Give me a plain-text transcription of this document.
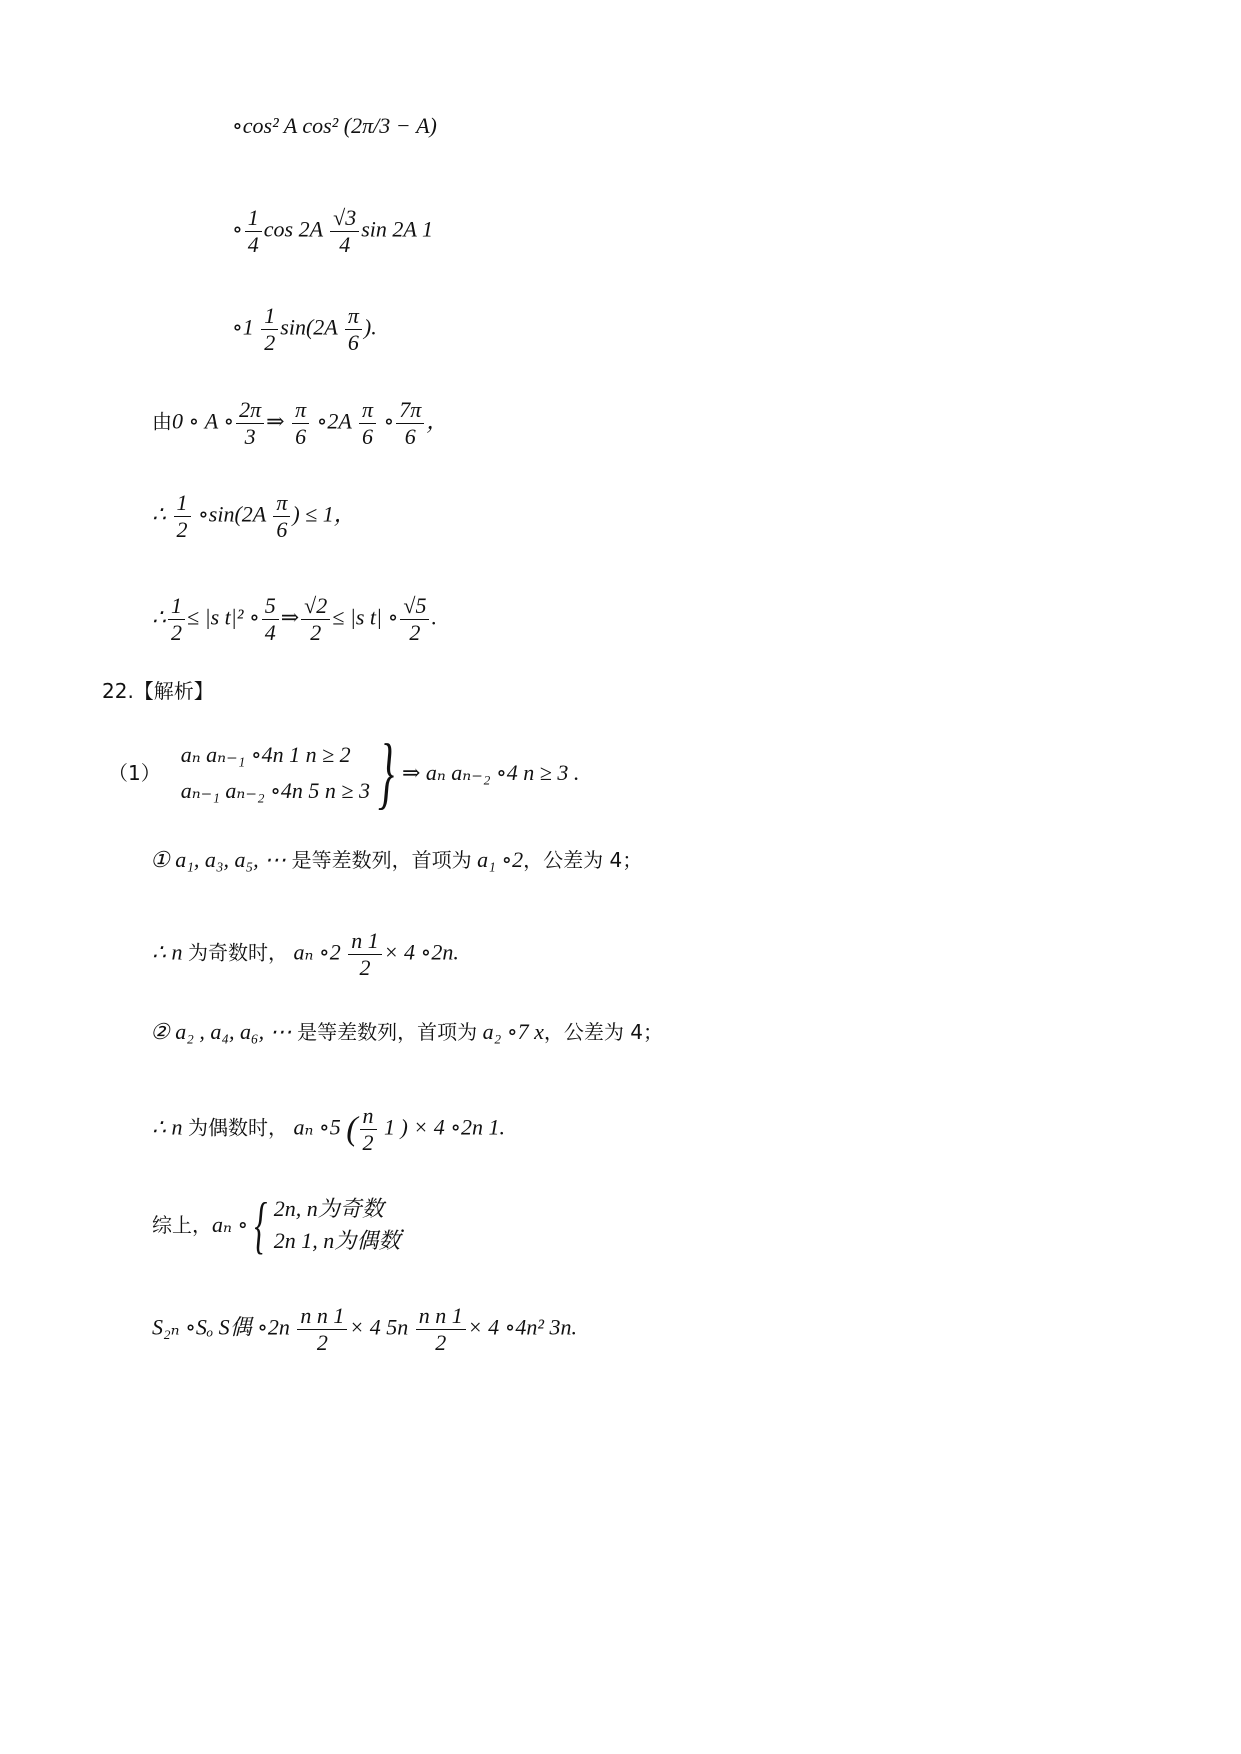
∘cos² A cos² (2π/3 − A)
∘ $\frac{1}{4}$ $\cos 2A \frac{√3}{4}$ sin 2A 1
∘1 $\frac{1}{2} \sin(2A \frac{\pi}{6}$ ).
由0 ∘ A ∘ $\frac{2\pi}{3}$ ⇒ $\frac{\pi}{6}$ ∘2A $\frac{\pi}{6}$ ∘ $\frac{7\pi}{6}$ ，
∴ $\frac{1}{2}$ ∘sin(2A $\frac{\pi}{6}$ ) ≤ 1，
∴ $\frac{1}{2} \le |s$ t|² ∘ $\frac{5}{4}$ ⇒ $\frac{√2}{2} \le |s$ t| ∘ $\frac{√5}{2}$ .
22.【解析】
（1）
aₙ aₙ₋₁ ∘4n 1 n ≥ 2
aₙ₋₁ aₙ₋₂ ∘4n 5 n ≥ 3 } ⇒ aₙ aₙ₋₂ ∘4 n ≥ 3 .
① a₁, a₃, a₅, ⋯ 是等差数列，首项为 a₁ ∘2，公差为 4；
∴ n 为奇数时， aₙ ∘2 $\frac{n 1}{2} \times 4$ ∘2n.
② a₂ , a₄, a₆, ⋯ 是等差数列，首项为 a₂ ∘7 x，公差为 4；
∴ n 为偶数时， aₙ ∘5 ( $\frac{n}{2} 1$ ) × 4 ∘2n 1.
综上， aₙ ∘ { 2n, n为奇数
2n 1, n为偶数
.
S₂ₙ ∘Sₒ S偶 ∘2n $\frac{\text{n n 1}}{2} \times 4$ $5n \frac{\text{n n 1}}{2} \times 4$ ∘4n² 3n.
